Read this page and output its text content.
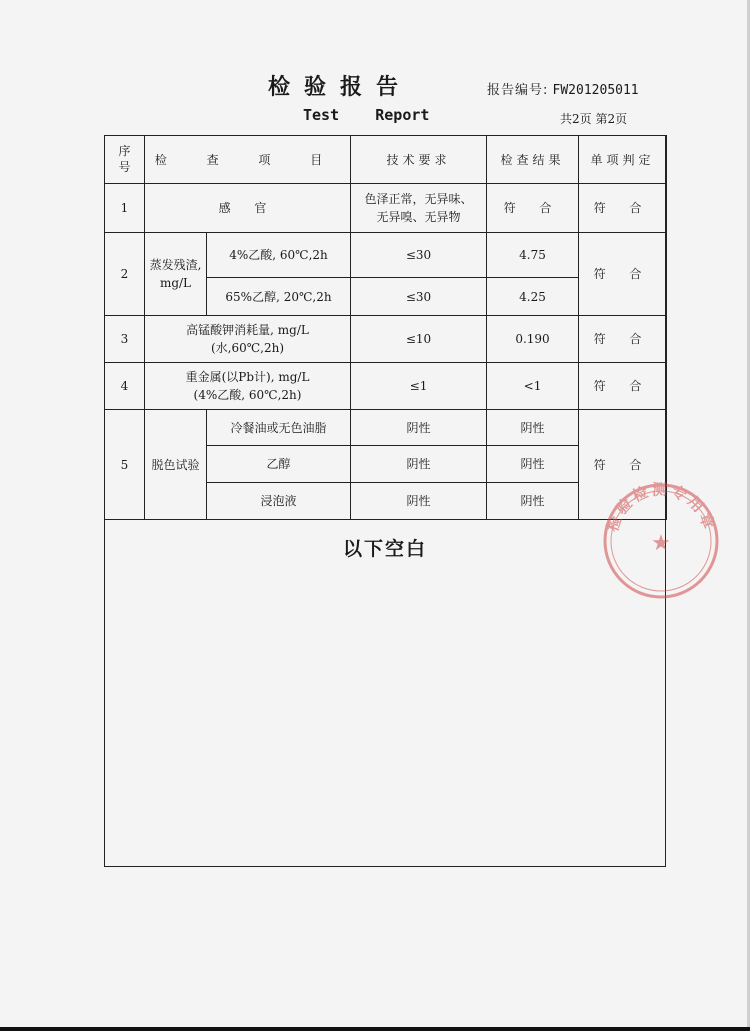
检验报告
Test    Report
报告编号: FW201205011
共2页 第2页
序号	检 查 项 目		技术要求	检查结果	单项判定
1	感 官		色泽正常，无异味、
无异嗅、无异物	符 合	符 合
2	蒸发残渣,
mg/L	4%乙酸, 60℃,2h	≤30	4.75	符 合
		65%乙醇, 20℃,2h	≤30	4.25	
3	高锰酸钾消耗量, mg/L
(水,60℃,2h)		≤10	0.190	符 合
4	重金属(以Pb计), mg/L
(4%乙酸, 60℃,2h)		≤1	<1	符 合
5	脱色试验	冷餐油或无色油脂	阴性	阴性	符 合
		乙醇	阴性	阴性	
		浸泡液	阴性	阴性	
以下空白
检验检测专用章
★
